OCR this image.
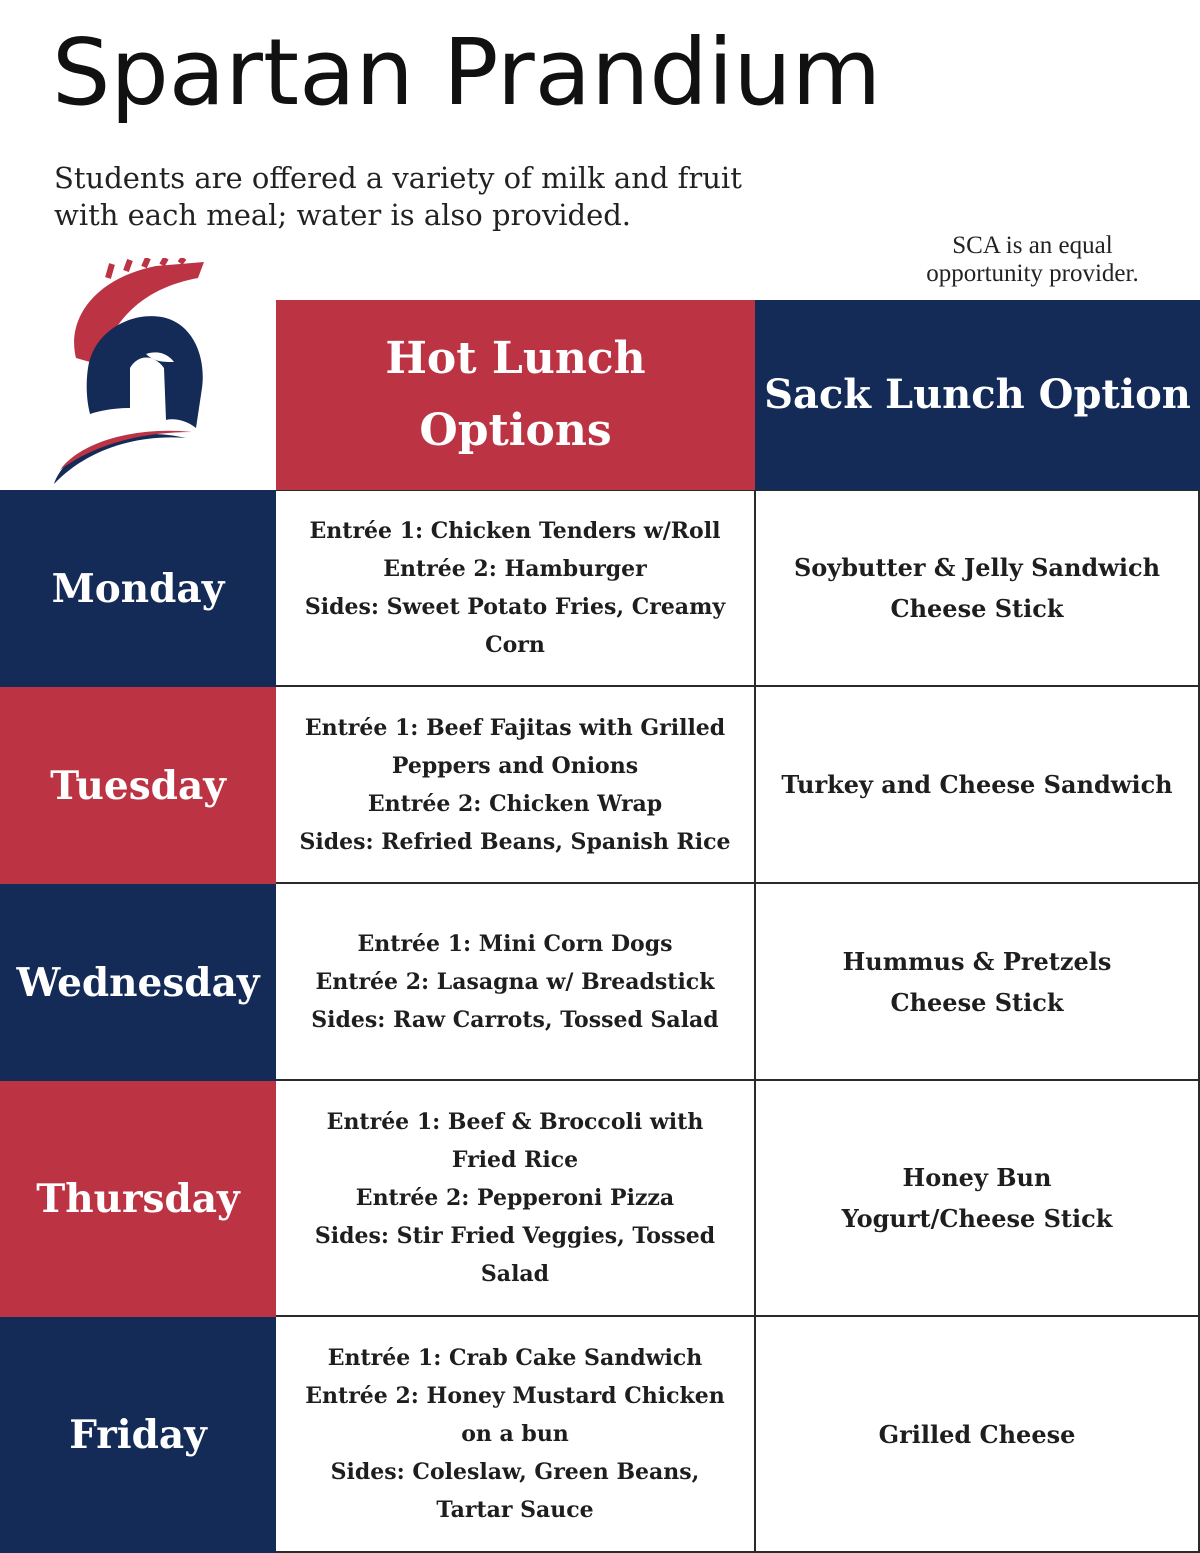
Spartan Prandium

Students are offered a variety of milk and fruit with each meal; water is also provided.

SCA is an equal opportunity provider.
Hot Lunch Options
Sack Lunch Option
Monday
Entrée 1: Chicken Tenders w/Roll
Entrée 2: Hamburger
Sides: Sweet Potato Fries, Creamy Corn
Soybutter & Jelly Sandwich
Cheese Stick
Tuesday
Entrée 1: Beef Fajitas with Grilled Peppers and Onions
Entrée 2: Chicken Wrap
Sides: Refried Beans, Spanish Rice
Turkey and Cheese Sandwich
Wednesday
Entrée 1: Mini Corn Dogs
Entrée 2: Lasagna w/ Breadstick
Sides: Raw Carrots, Tossed Salad
Hummus & Pretzels
Cheese Stick
Thursday
Entrée 1: Beef & Broccoli with Fried Rice
Entrée 2: Pepperoni Pizza
Sides: Stir Fried Veggies, Tossed Salad
Honey Bun
Yogurt/Cheese Stick
Friday
Entrée 1: Crab Cake Sandwich
Entrée 2: Honey Mustard Chicken on a bun
Sides: Coleslaw, Green Beans, Tartar Sauce
Grilled Cheese
